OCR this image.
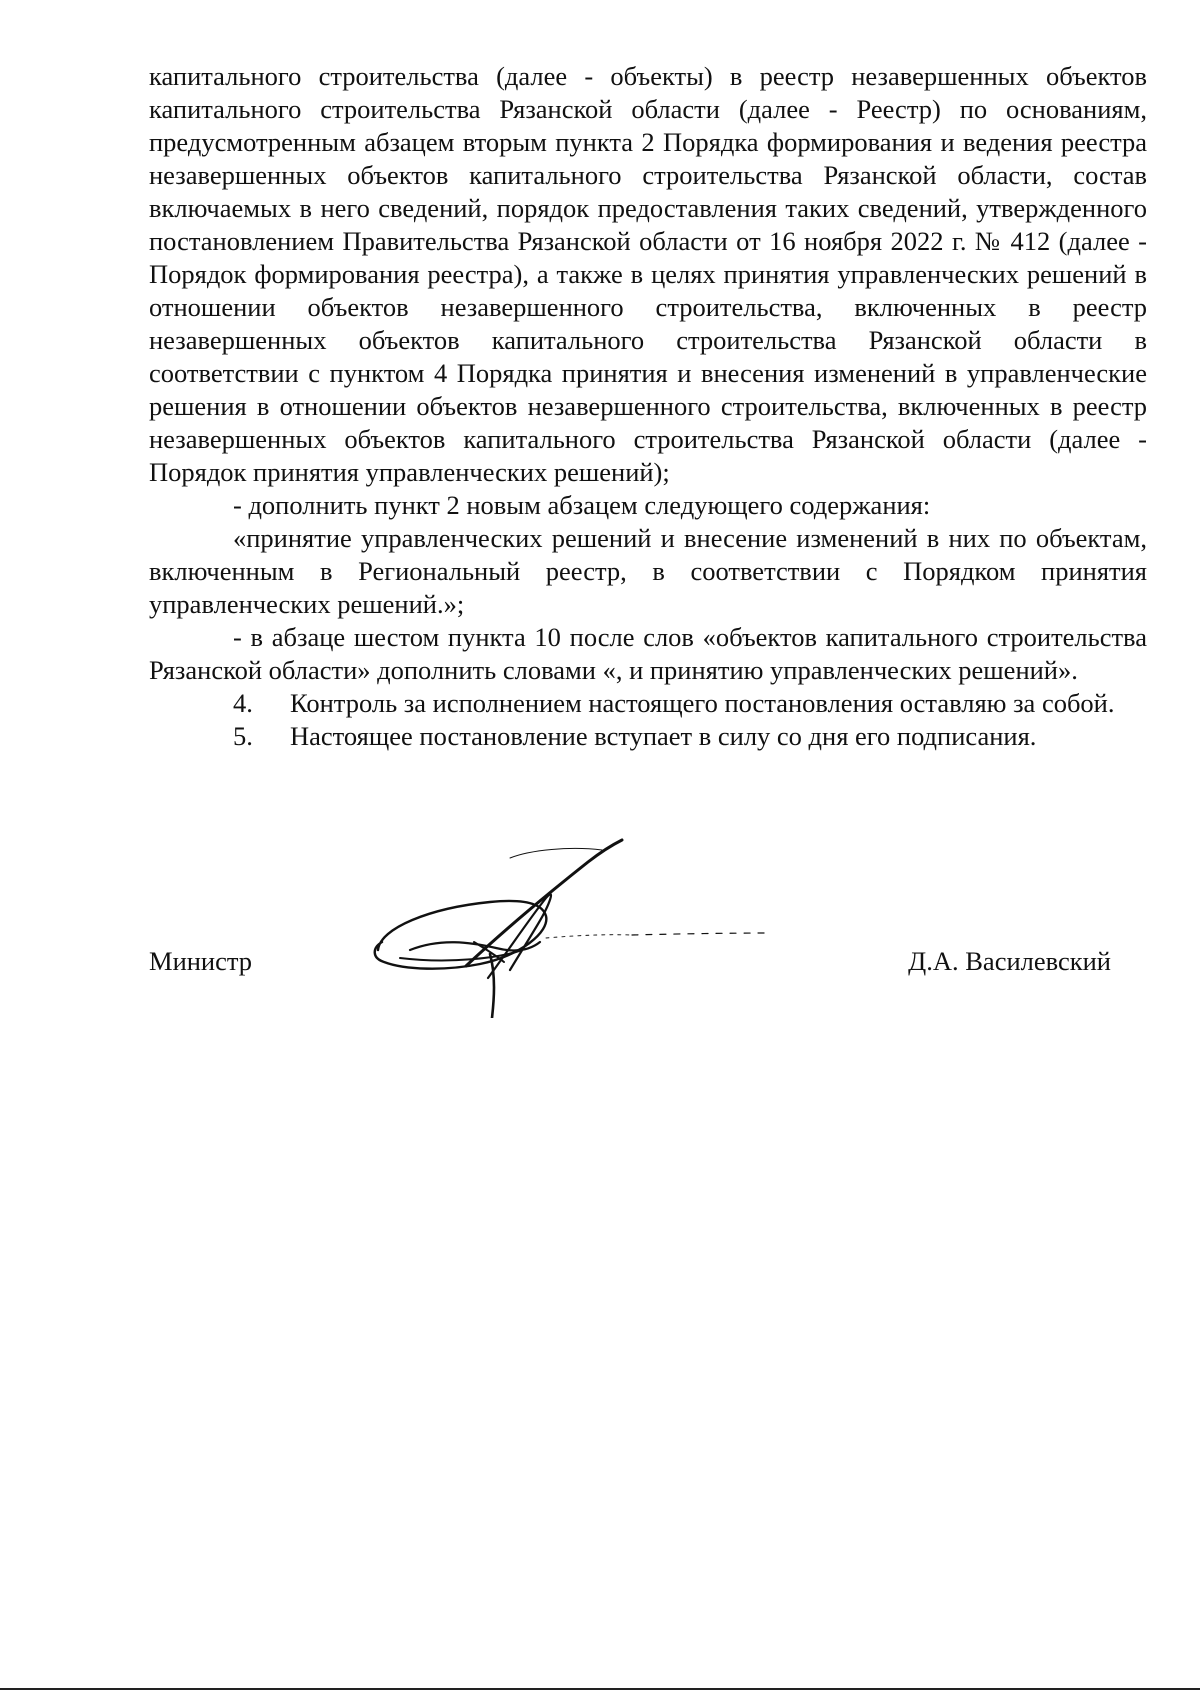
капитального строительства (далее - объекты) в реестр незавершенных объектов капитального строительства Рязанской области (далее - Реестр) по основаниям, предусмотренным абзацем вторым пункта 2 Порядка формирования и ведения реестра незавершенных объектов капитального строительства Рязанской области, состав включаемых в него сведений, порядок предоставления таких сведений, утвержденного постановлением Правительства Рязанской области от 16 ноября 2022 г. № 412 (далее - Порядок формирования реестра), а также в целях принятия управленческих решений в отношении объектов незавершенного строительства, включенных в реестр незавершенных объектов капитального строительства Рязанской области в соответствии с пунктом 4 Порядка принятия и внесения изменений в управленческие решения в отношении объектов незавершенного строительства, включенных в реестр незавершенных объектов капитального строительства Рязанской области (далее - Порядок принятия управленческих решений);

- дополнить пункт 2 новым абзацем следующего содержания:

«принятие управленческих решений и внесение изменений в них по объектам, включенным в Региональный реестр, в соответствии с Порядком принятия управленческих решений.»;

- в абзаце шестом пункта 10 после слов «объектов капитального строительства Рязанской области» дополнить словами «, и принятию управленческих решений».

4. Контроль за исполнением настоящего постановления оставляю за собой.

5. Настоящее постановление вступает в силу со дня его подписания.

Министр	Д.А. Василевский
